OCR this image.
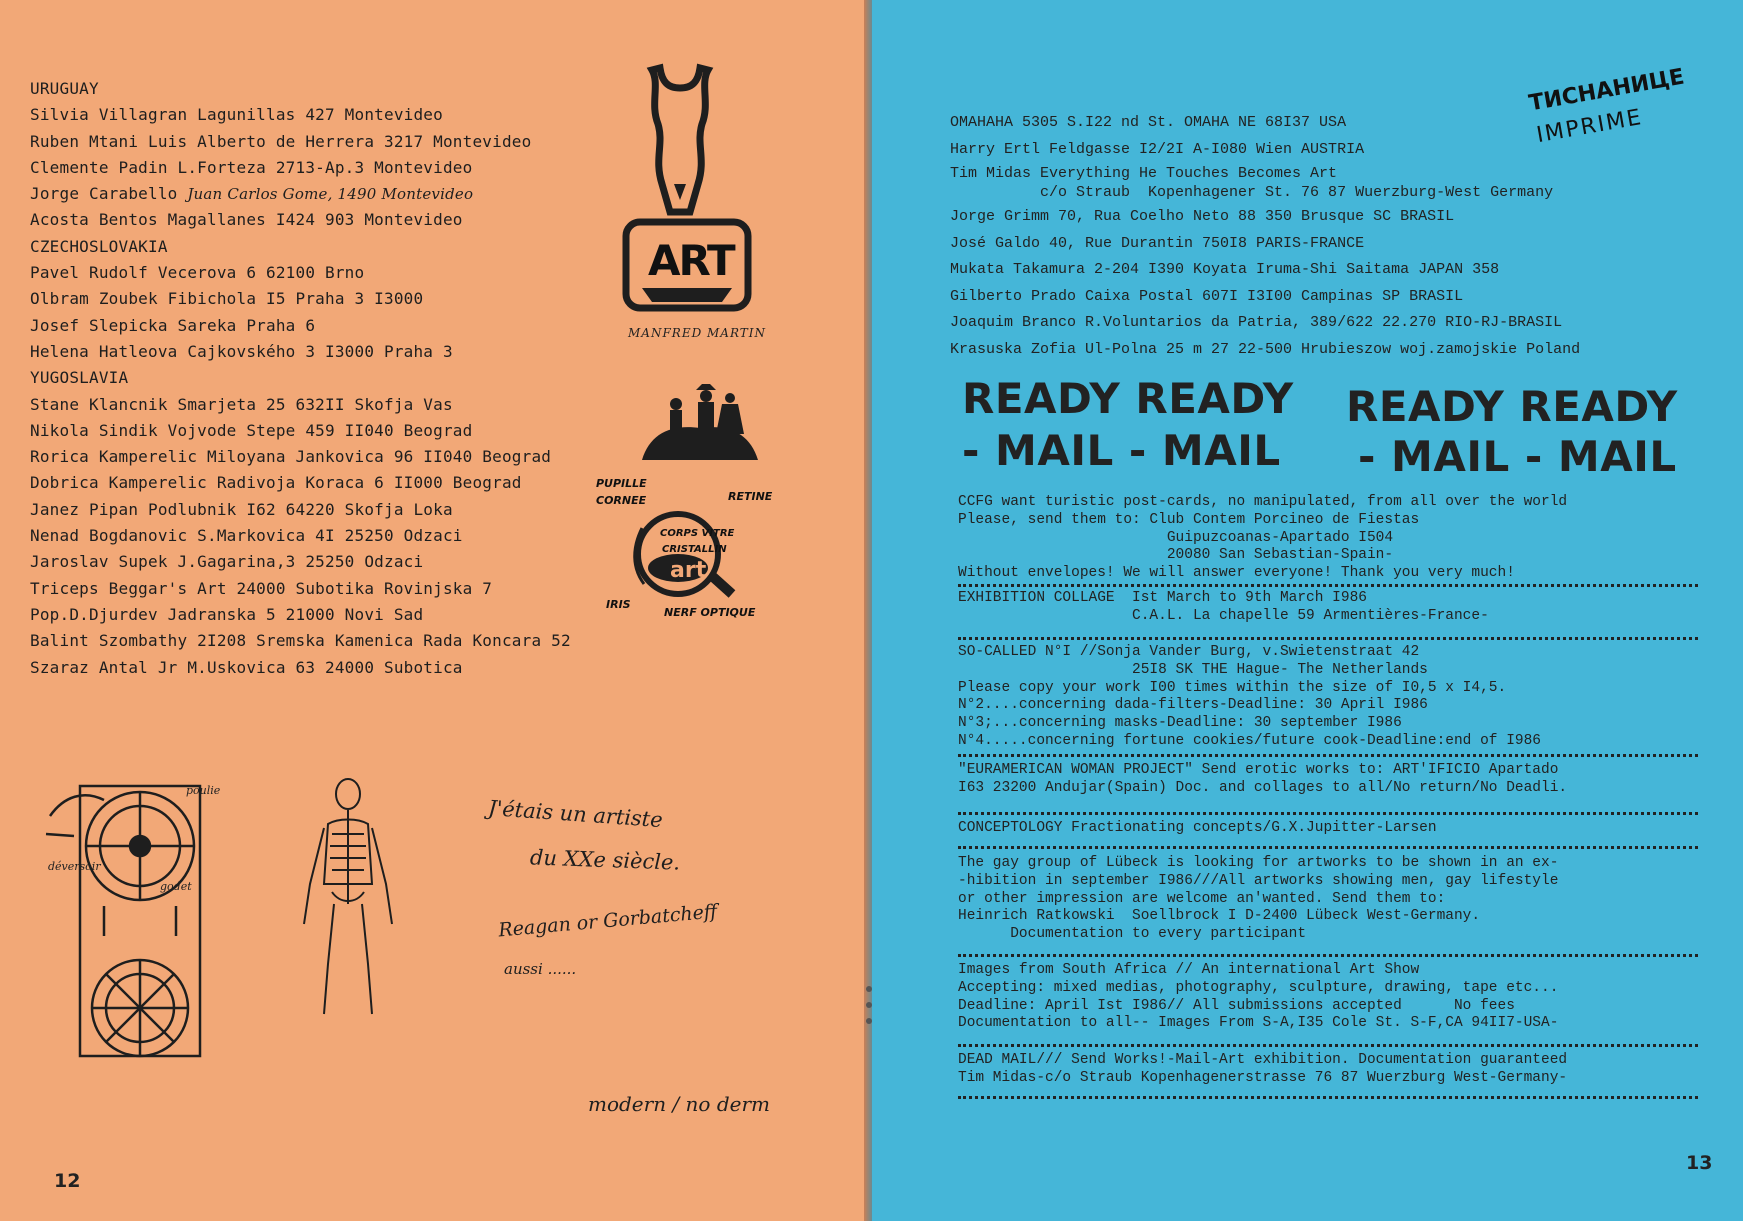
URUGUAY
Silvia Villagran Lagunillas 427 Montevideo
Ruben Mtani Luis Alberto de Herrera 3217 Montevideo
Clemente Padin L.Forteza 2713-Ap.3 Montevideo
Jorge Carabello Juan Carlos Gome, 1490 Montevideo
Acosta Bentos Magallanes I424 903 Montevideo
CZECHOSLOVAKIA
Pavel Rudolf Vecerova 6 62100 Brno
Olbram Zoubek Fibichola I5 Praha 3 I3000
Josef Slepicka Sareka Praha 6
Helena Hatleova Cajkovského 3 I3000 Praha 3
YUGOSLAVIA
Stane Klancnik Smarjeta 25 632II Skofja Vas
Nikola Sindik Vojvode Stepe 459 II040 Beograd
Rorica Kamperelic Miloyana Jankovica 96 II040 Beograd
Dobrica Kamperelic Radivoja Koraca 6 II000 Beograd
Janez Pipan Podlubnik I62 64220 Skofja Loka
Nenad Bogdanovic S.Markovica 4I 25250 Odzaci
Jaroslav Supek J.Gagarina,3 25250 Odzaci
Triceps Beggar's Art 24000 Subotika Rovinjska 7
Pop.D.Djurdev Jadranska 5 21000 Novi Sad
Balint Szombathy 2I208 Sremska Kamenica Rada Koncara 52
Szaraz Antal Jr M.Uskovica 63 24000 Subotica
ART
MANFRED MARTIN
PUPILLE
CORNEE	RETINE
CORPS VITRE
CRISTALLIN
art
IRIS
NERF OPTIQUE
poulie
déversoir
godet
J'étais un artiste
du XXe siècle.
Reagan or Gorbatcheff
aussi ......
modern / no derm
12
ТИСНАНИЦЕ
IMPRIME
OMAHAHA 5305 S.I22 nd St. OMAHA NE 68I37 USA
Harry Ertl Feldgasse I2/2I A-I080 Wien AUSTRIA
Tim Midas Everything He Touches Becomes Art
c/o Straub  Kopenhagener St. 76 87 Wuerzburg-West Germany
Jorge Grimm 70, Rua Coelho Neto 88 350 Brusque SC BRASIL
José Galdo 40, Rue Durantin 750I8 PARIS-FRANCE
Mukata Takamura 2-204 I390 Koyata Iruma-Shi Saitama JAPAN 358
Gilberto Prado Caixa Postal 607I I3I00 Campinas SP BRASIL
Joaquim Branco R.Voluntarios da Patria, 389/622 22.270 RIO-RJ-BRASIL
Krasuska Zofia Ul-Polna 25 m 27 22-500 Hrubieszow woj.zamojskie Poland
READY READY
- MAIL - MAIL
READY READY
- MAIL - MAIL
CCFG want turistic post-cards, no manipulated, from all over the world
Please, send them to: Club Contem Porcineo de Fiestas
Guipuzcoanas-Apartado I504
20080 San Sebastian-Spain-
Without envelopes! We will answer everyone! Thank you very much!
EXHIBITION COLLAGE  Ist March to 9th March I986
C.A.L. La chapelle 59 Armentières-France-
SO-CALLED N°I //Sonja Vander Burg, v.Swietenstraat 42
25I8 SK THE Hague- The Netherlands
Please copy your work I00 times within the size of I0,5 x I4,5.
N°2....concerning dada-filters-Deadline: 30 April I986
N°3;...concerning masks-Deadline: 30 september I986
N°4.....concerning fortune cookies/future cook-Deadline:end of I986
"EURAMERICAN WOMAN PROJECT" Send erotic works to: ART'IFICIO Apartado
I63 23200 Andujar(Spain) Doc. and collages to all/No return/No Deadli.
CONCEPTOLOGY Fractionating concepts/G.X.Jupitter-Larsen
The gay group of Lübeck is looking for artworks to be shown in an ex-
-hibition in september I986///All artworks showing men, gay lifestyle
or other impression are welcome an'wanted. Send them to:
Heinrich Ratkowski  Soellbrock I D-2400 Lübeck West-Germany.
Documentation to every participant
Images from South Africa // An international Art Show
Accepting: mixed medias, photography, sculpture, drawing, tape etc...
Deadline: April Ist I986// All submissions accepted      No fees
Documentation to all-- Images From S-A,I35 Cole St. S-F,CA 94II7-USA-
DEAD MAIL/// Send Works!-Mail-Art exhibition. Documentation guaranteed
Tim Midas-c/o Straub Kopenhagenerstrasse 76 87 Wuerzburg West-Germany-
13
